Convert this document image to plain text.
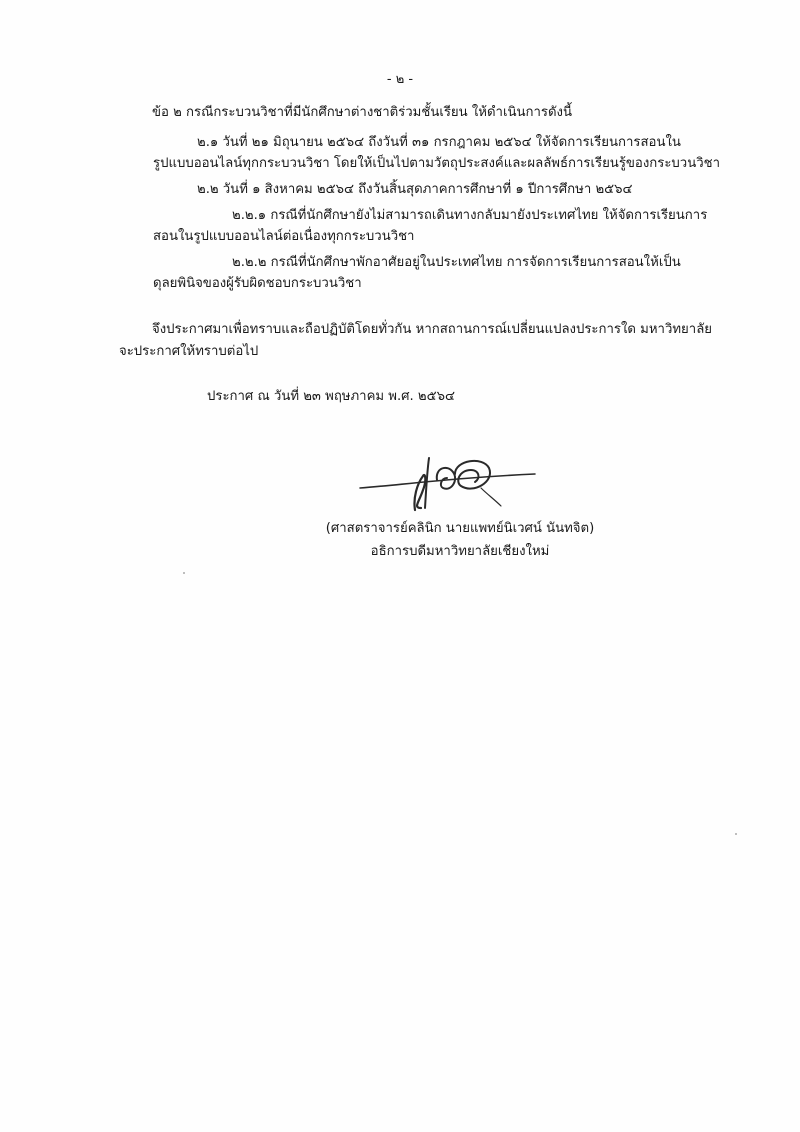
- ๒ -
ข้อ ๒ กรณีกระบวนวิชาที่มีนักศึกษาต่างชาติร่วมชั้นเรียน ให้ดำเนินการดังนี้
๒.๑ วันที่ ๒๑ มิถุนายน ๒๕๖๔ ถึงวันที่ ๓๑ กรกฎาคม ๒๕๖๔ ให้จัดการเรียนการสอนใน
รูปแบบออนไลน์ทุกกระบวนวิชา โดยให้เป็นไปตามวัตถุประสงค์และผลลัพธ์การเรียนรู้ของกระบวนวิชา
๒.๒ วันที่ ๑ สิงหาคม ๒๕๖๔ ถึงวันสิ้นสุดภาคการศึกษาที่ ๑ ปีการศึกษา ๒๕๖๔
๒.๒.๑ กรณีที่นักศึกษายังไม่สามารถเดินทางกลับมายังประเทศไทย ให้จัดการเรียนการ
สอนในรูปแบบออนไลน์ต่อเนื่องทุกกระบวนวิชา
๒.๒.๒ กรณีที่นักศึกษาพักอาศัยอยู่ในประเทศไทย การจัดการเรียนการสอนให้เป็น
ดุลยพินิจของผู้รับผิดชอบกระบวนวิชา
จึงประกาศมาเพื่อทราบและถือปฏิบัติโดยทั่วกัน หากสถานการณ์เปลี่ยนแปลงประการใด มหาวิทยาลัย
จะประกาศให้ทราบต่อไป
ประกาศ ณ วันที่ ๒๓ พฤษภาคม พ.ศ. ๒๕๖๔
(ศาสตราจารย์คลินิก นายแพทย์นิเวศน์ นันทจิต)
อธิการบดีมหาวิทยาลัยเชียงใหม่
